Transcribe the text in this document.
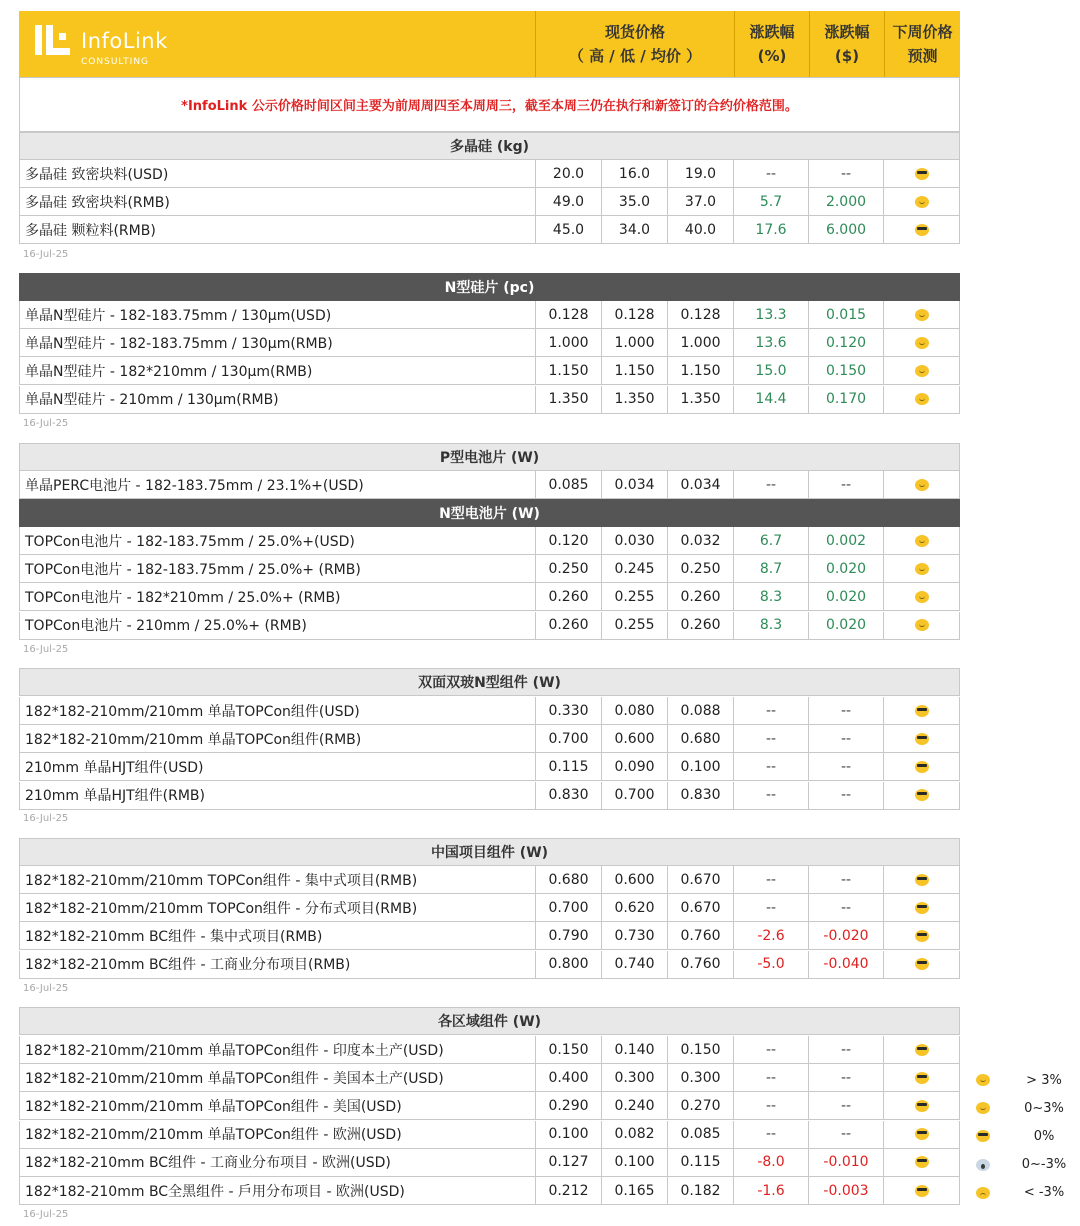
InfoLink
CONSULTING
现货价格
（ 高 / 低 / 均价 ）
涨跌幅
(%)
涨跌幅
($)
下周价格
预测
*InfoLink 公示价格时间区间主要为前周周四至本周周三，截至本周三仍在执行和新签订的合约价格范围。
> 3%
0~3%
0%
0~-3%
< -3%
多晶硅 (kg)
多晶硅 致密块料(USD)	20.0	16.0	19.0	--	--
多晶硅 致密块料(RMB)	49.0	35.0	37.0	5.7	2.000
多晶硅 颗粒料(RMB)	45.0	34.0	40.0	17.6	6.000
16-Jul-25
N型硅片 (pc)
单晶N型硅片 - 182-183.75mm / 130μm(USD)	0.128	0.128	0.128	13.3	0.015
单晶N型硅片 - 182-183.75mm / 130μm(RMB)	1.000	1.000	1.000	13.6	0.120
单晶N型硅片 - 182*210mm / 130μm(RMB)	1.150	1.150	1.150	15.0	0.150
单晶N型硅片 - 210mm / 130μm(RMB)	1.350	1.350	1.350	14.4	0.170
16-Jul-25
P型电池片 (W)
单晶PERC电池片 - 182-183.75mm / 23.1%+(USD)	0.085	0.034	0.034	--	--
N型电池片 (W)
TOPCon电池片 - 182-183.75mm / 25.0%+(USD)	0.120	0.030	0.032	6.7	0.002
TOPCon电池片 - 182-183.75mm / 25.0%+ (RMB)	0.250	0.245	0.250	8.7	0.020
TOPCon电池片 - 182*210mm / 25.0%+ (RMB)	0.260	0.255	0.260	8.3	0.020
TOPCon电池片 - 210mm / 25.0%+ (RMB)	0.260	0.255	0.260	8.3	0.020
16-Jul-25
双面双玻N型组件 (W)
182*182-210mm/210mm 单晶TOPCon组件(USD)	0.330	0.080	0.088	--	--
182*182-210mm/210mm 单晶TOPCon组件(RMB)	0.700	0.600	0.680	--	--
210mm 单晶HJT组件(USD)	0.115	0.090	0.100	--	--
210mm 单晶HJT组件(RMB)	0.830	0.700	0.830	--	--
16-Jul-25
中国项目组件 (W)
182*182-210mm/210mm TOPCon组件 - 集中式项目(RMB)	0.680	0.600	0.670	--	--
182*182-210mm/210mm TOPCon组件 - 分布式项目(RMB)	0.700	0.620	0.670	--	--
182*182-210mm BC组件 - 集中式项目(RMB)	0.790	0.730	0.760	-2.6	-0.020
182*182-210mm BC组件 - 工商业分布项目(RMB)	0.800	0.740	0.760	-5.0	-0.040
16-Jul-25
各区域组件 (W)
182*182-210mm/210mm 单晶TOPCon组件 - 印度本土产(USD)	0.150	0.140	0.150	--	--
182*182-210mm/210mm 单晶TOPCon组件 - 美国本土产(USD)	0.400	0.300	0.300	--	--
182*182-210mm/210mm 单晶TOPCon组件 - 美国(USD)	0.290	0.240	0.270	--	--
182*182-210mm/210mm 单晶TOPCon组件 - 欧洲(USD)	0.100	0.082	0.085	--	--
182*182-210mm BC组件 - 工商业分布项目 - 欧洲(USD)	0.127	0.100	0.115	-8.0	-0.010
182*182-210mm BC全黑组件 - 戶用分布项目 - 欧洲(USD)	0.212	0.165	0.182	-1.6	-0.003
16-Jul-25
